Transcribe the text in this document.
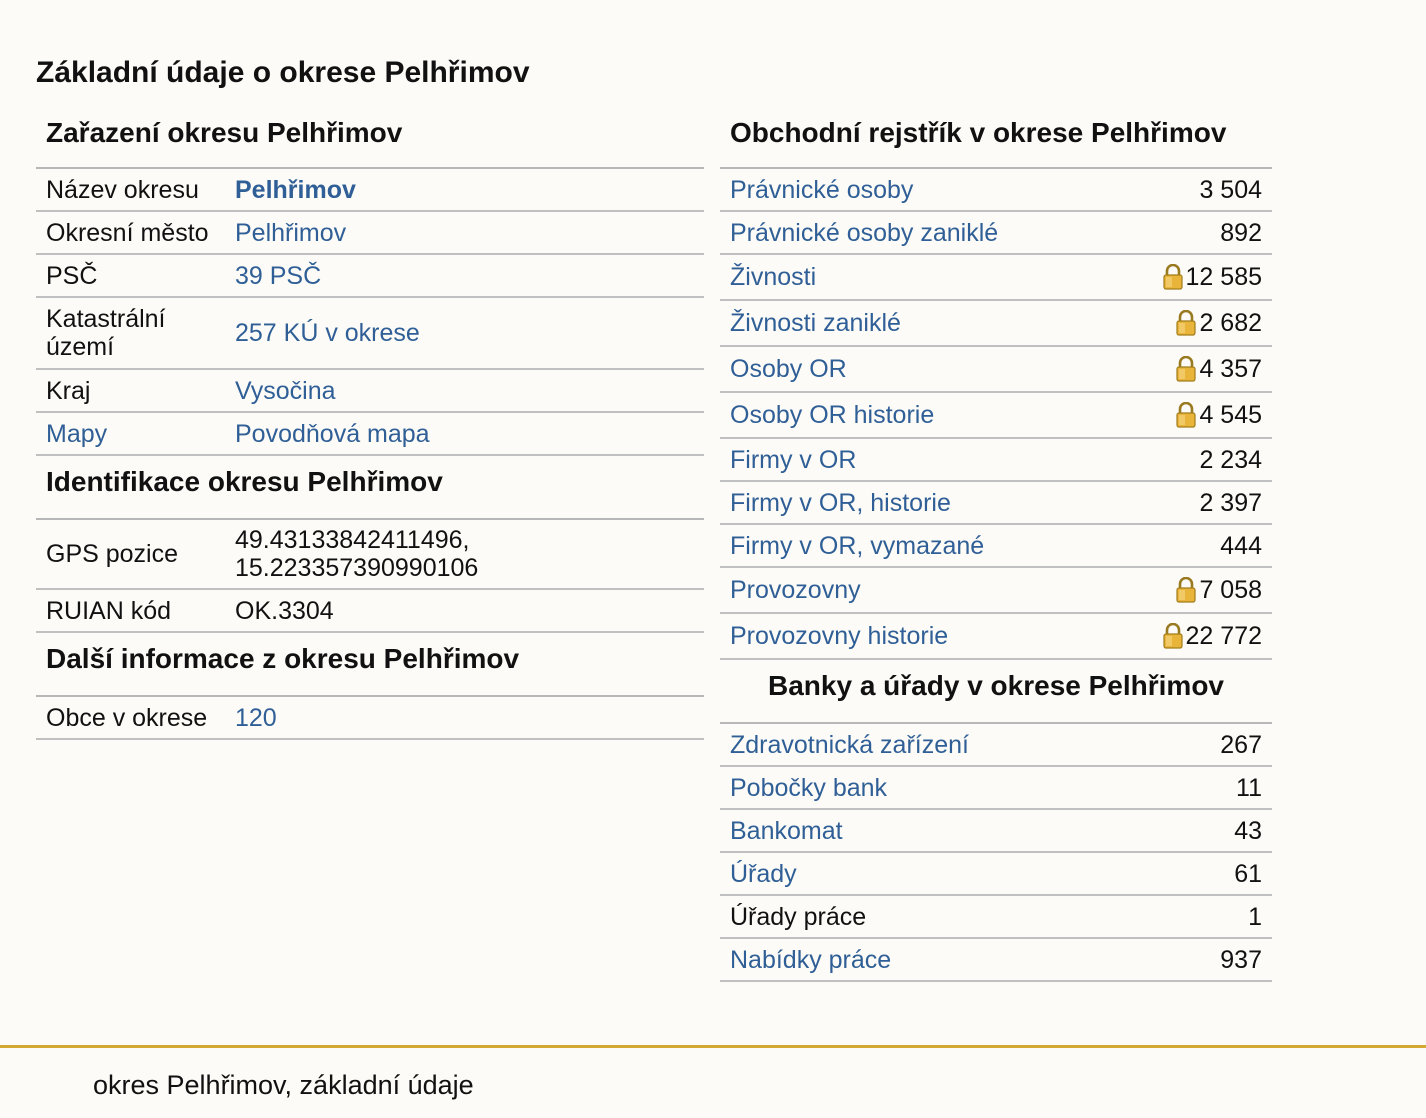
Základní údaje o okrese Pelhřimov
Zařazení okresu Pelhřimov
Název okresu	Pelhřimov
Okresní město	Pelhřimov
PSČ	39 PSČ
Katastrální území	257 KÚ v okrese
Kraj	Vysočina
Mapy	Povodňová mapa
Identifikace okresu Pelhřimov
GPS pozice	49.43133842411496,
15.223357390990106
RUIAN kód	OK.3304
Další informace z okresu Pelhřimov
Obce v okrese	120
Obchodní rejstřík v okrese Pelhřimov
Právnické osoby	3 504
Právnické osoby zaniklé	892
Živnosti	12 585
Živnosti zaniklé	2 682
Osoby OR	4 357
Osoby OR historie	4 545
Firmy v OR	2 234
Firmy v OR, historie	2 397
Firmy v OR, vymazané	444
Provozovny	7 058
Provozovny historie	22 772
Banky a úřady v okrese Pelhřimov
Zdravotnická zařízení	267
Pobočky bank	11
Bankomat	43
Úřady	61
Úřady práce	1
Nabídky práce	937
okres Pelhřimov, základní údaje
